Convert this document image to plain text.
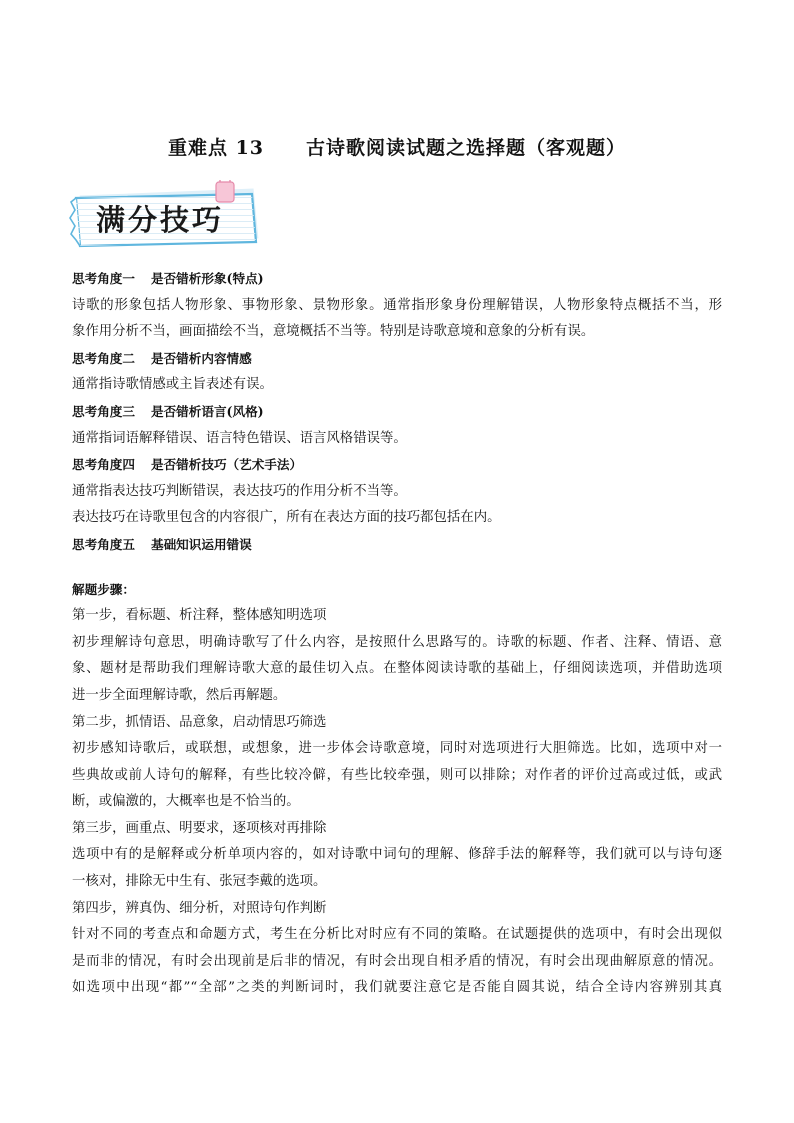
重难点 13 古诗歌阅读试题之选择题（客观题）
满分技巧
思考角度一 是否错析形象(特点)
诗歌的形象包括人物形象、事物形象、景物形象。通常指形象身份理解错误，人物形象特点概括不当，形
象作用分析不当，画面描绘不当，意境概括不当等。特别是诗歌意境和意象的分析有误。
思考角度二 是否错析内容情感
通常指诗歌情感或主旨表述有误。
思考角度三 是否错析语言(风格)
通常指词语解释错误、语言特色错误、语言风格错误等。
思考角度四 是否错析技巧（艺术手法）
通常指表达技巧判断错误，表达技巧的作用分析不当等。
表达技巧在诗歌里包含的内容很广，所有在表达方面的技巧都包括在内。
思考角度五 基础知识运用错误
解题步骤：
第一步，看标题、析注释，整体感知明选项
初步理解诗句意思，明确诗歌写了什么内容，是按照什么思路写的。诗歌的标题、作者、注释、情语、意
象、题材是帮助我们理解诗歌大意的最佳切入点。在整体阅读诗歌的基础上，仔细阅读选项，并借助选项
进一步全面理解诗歌，然后再解题。
第二步，抓情语、品意象，启动情思巧筛选
初步感知诗歌后，或联想，或想象，进一步体会诗歌意境，同时对选项进行大胆筛选。比如，选项中对一
些典故或前人诗句的解释，有些比较冷僻，有些比较牵强，则可以排除；对作者的评价过高或过低，或武
断，或偏激的，大概率也是不恰当的。
第三步，画重点、明要求，逐项核对再排除
选项中有的是解释或分析单项内容的，如对诗歌中词句的理解、修辞手法的解释等，我们就可以与诗句逐
一核对，排除无中生有、张冠李戴的选项。
第四步，辨真伪、细分析，对照诗句作判断
针对不同的考查点和命题方式，考生在分析比对时应有不同的策略。在试题提供的选项中，有时会出现似
是而非的情况，有时会出现前是后非的情况，有时会出现自相矛盾的情况，有时会出现曲解原意的情况。
如选项中出现“都”“全部”之类的判断词时，我们就要注意它是否能自圆其说，结合全诗内容辨别其真
